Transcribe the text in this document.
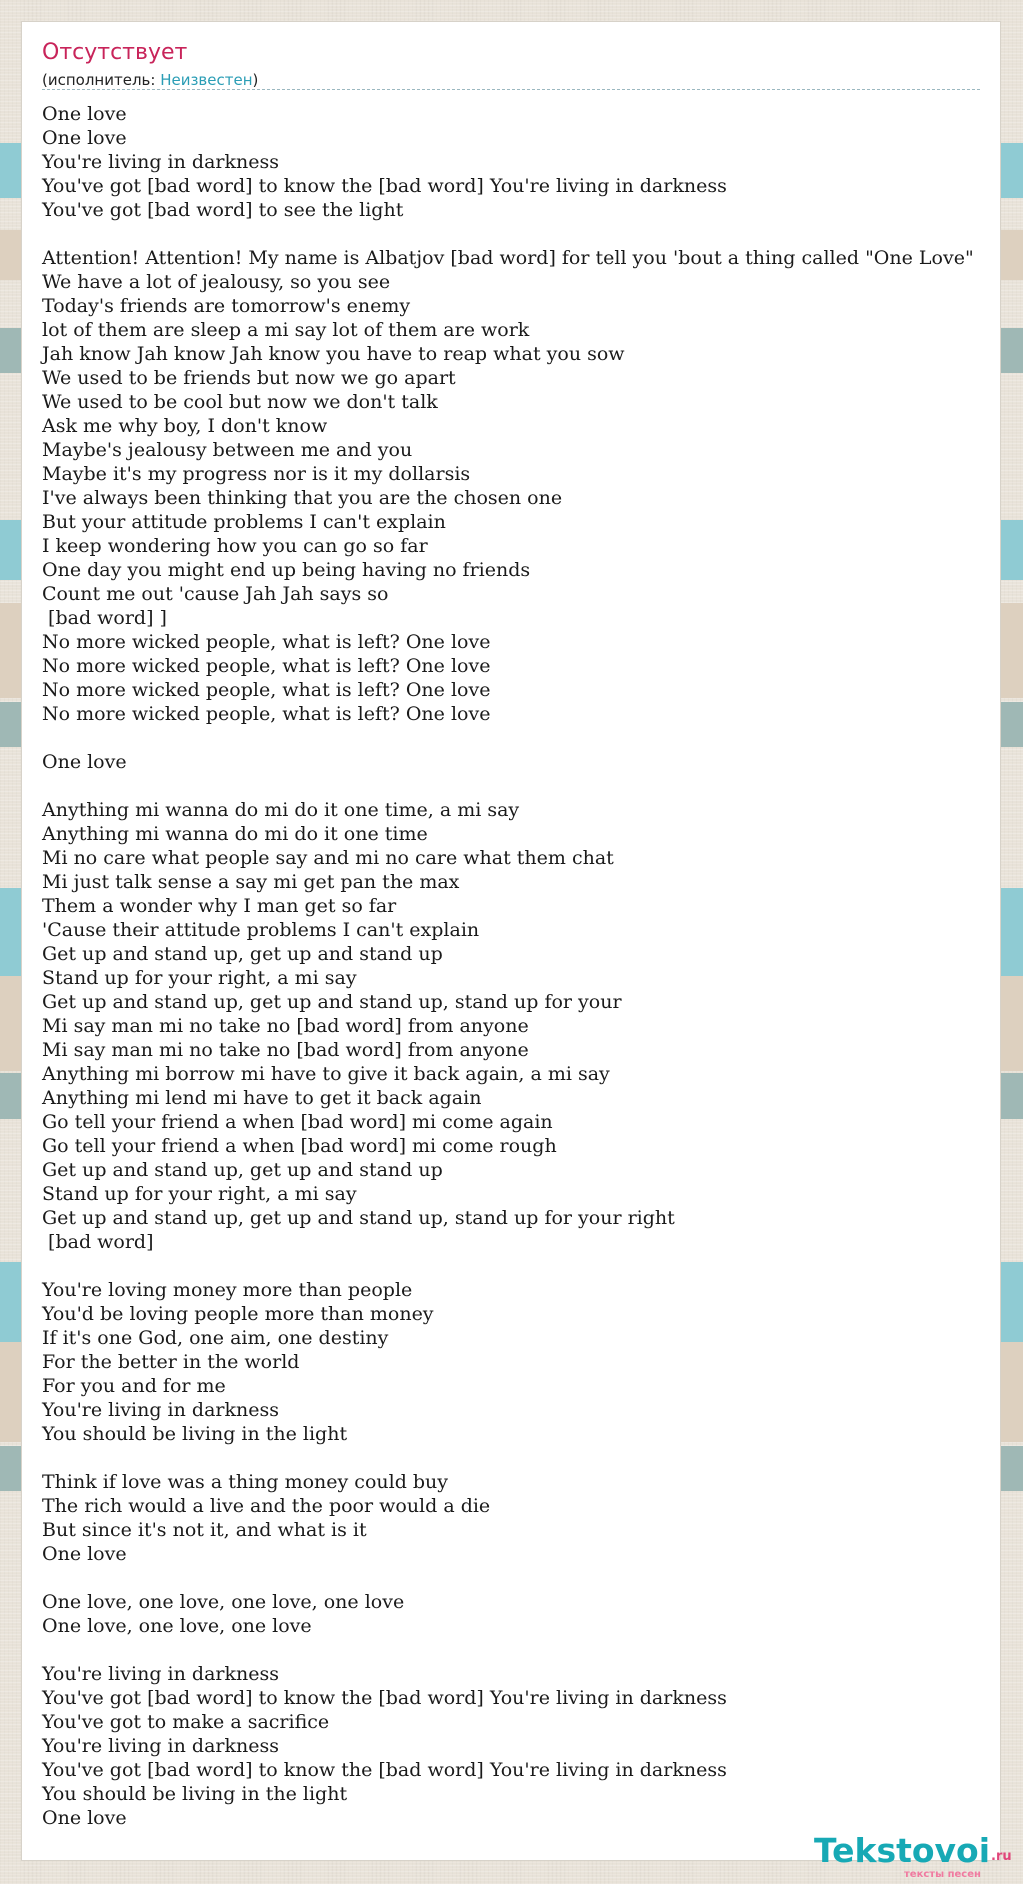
Отсутствует
(исполнитель: Неизвестен)
One love
One love
You're living in darkness
You've got [bad word] to know the [bad word] You're living in darkness
You've got [bad word] to see the light
Attention! Attention! My name is Albatjov [bad word] for tell you 'bout a thing called "One Love"
We have a lot of jealousy, so you see
Today's friends are tomorrow's enemy
lot of them are sleep a mi say lot of them are work
Jah know Jah know Jah know you have to reap what you sow
We used to be friends but now we go apart
We used to be cool but now we don't talk
Ask me why boy, I don't know
Maybe's jealousy between me and you
Maybe it's my progress nor is it my dollarsis
I've always been thinking that you are the chosen one
But your attitude problems I can't explain
I keep wondering how you can go so far
One day you might end up being having no friends
Count me out 'cause Jah Jah says so
[bad word] ]
No more wicked people, what is left? One love
No more wicked people, what is left? One love
No more wicked people, what is left? One love
No more wicked people, what is left? One love
One love
Anything mi wanna do mi do it one time, a mi say
Anything mi wanna do mi do it one time
Mi no care what people say and mi no care what them chat
Mi just talk sense a say mi get pan the max
Them a wonder why I man get so far
'Cause their attitude problems I can't explain
Get up and stand up, get up and stand up
Stand up for your right, a mi say
Get up and stand up, get up and stand up, stand up for your
Mi say man mi no take no [bad word] from anyone
Mi say man mi no take no [bad word] from anyone
Anything mi borrow mi have to give it back again, a mi say
Anything mi lend mi have to get it back again
Go tell your friend a when [bad word] mi come again
Go tell your friend a when [bad word] mi come rough
Get up and stand up, get up and stand up
Stand up for your right, a mi say
Get up and stand up, get up and stand up, stand up for your right
[bad word]
You're loving money more than people
You'd be loving people more than money
If it's one God, one aim, one destiny
For the better in the world
For you and for me
You're living in darkness
You should be living in the light
Think if love was a thing money could buy
The rich would a live and the poor would a die
But since it's not it, and what is it
One love
One love, one love, one love, one love
One love, one love, one love
You're living in darkness
You've got [bad word] to know the [bad word] You're living in darkness
You've got to make a sacrifice
You're living in darkness
You've got [bad word] to know the [bad word] You're living in darkness
You should be living in the light
One love
Tekstovoi .ru
тексты песен
